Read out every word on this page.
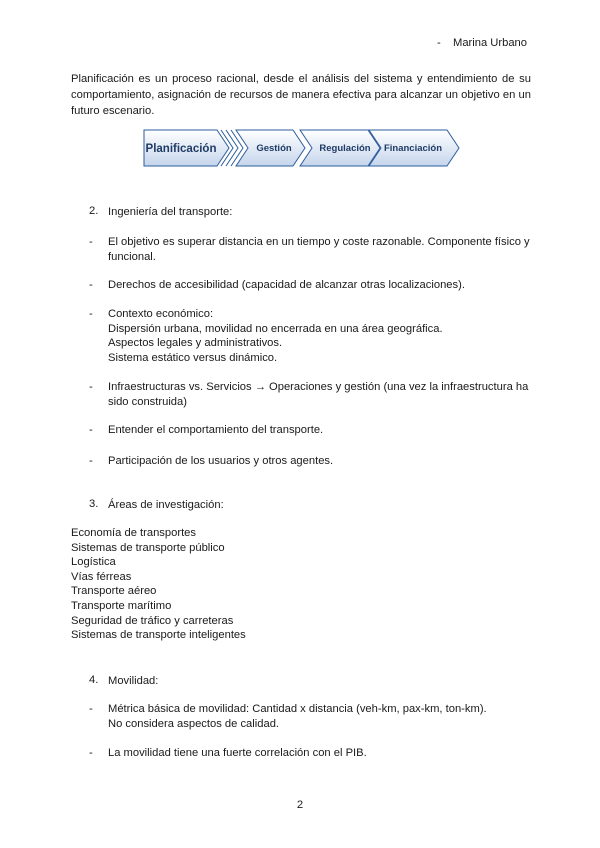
- Marina Urbano
Planificación es un proceso racional, desde el análisis del sistema y entendimiento de su comportamiento, asignación de recursos de manera efectiva para alcanzar un objetivo en un futuro escenario.
Planificación	Gestión	Regulación Financiación
2. Ingeniería del transporte:
- El objetivo es superar distancia en un tiempo y coste razonable. Componente físico y
funcional.
- Derechos de accesibilidad (capacidad de alcanzar otras localizaciones).
- Contexto económico:
Dispersión urbana, movilidad no encerrada en una área geográfica.
Aspectos legales y administrativos.
Sistema estático versus dinámico.
- Infraestructuras vs. Servicios → Operaciones y gestión (una vez la infraestructura ha
sido construida)
- Entender el comportamiento del transporte.
- Participación de los usuarios y otros agentes.
3. Áreas de investigación:
Economía de transportes
Sistemas de transporte público
Logística
Vías férreas
Transporte aéreo
Transporte marítimo
Seguridad de tráfico y carreteras
Sistemas de transporte inteligentes
4. Movilidad:
- Métrica básica de movilidad: Cantidad x distancia (veh-km, pax-km, ton-km).
No considera aspectos de calidad.
- La movilidad tiene una fuerte correlación con el PIB.
2
